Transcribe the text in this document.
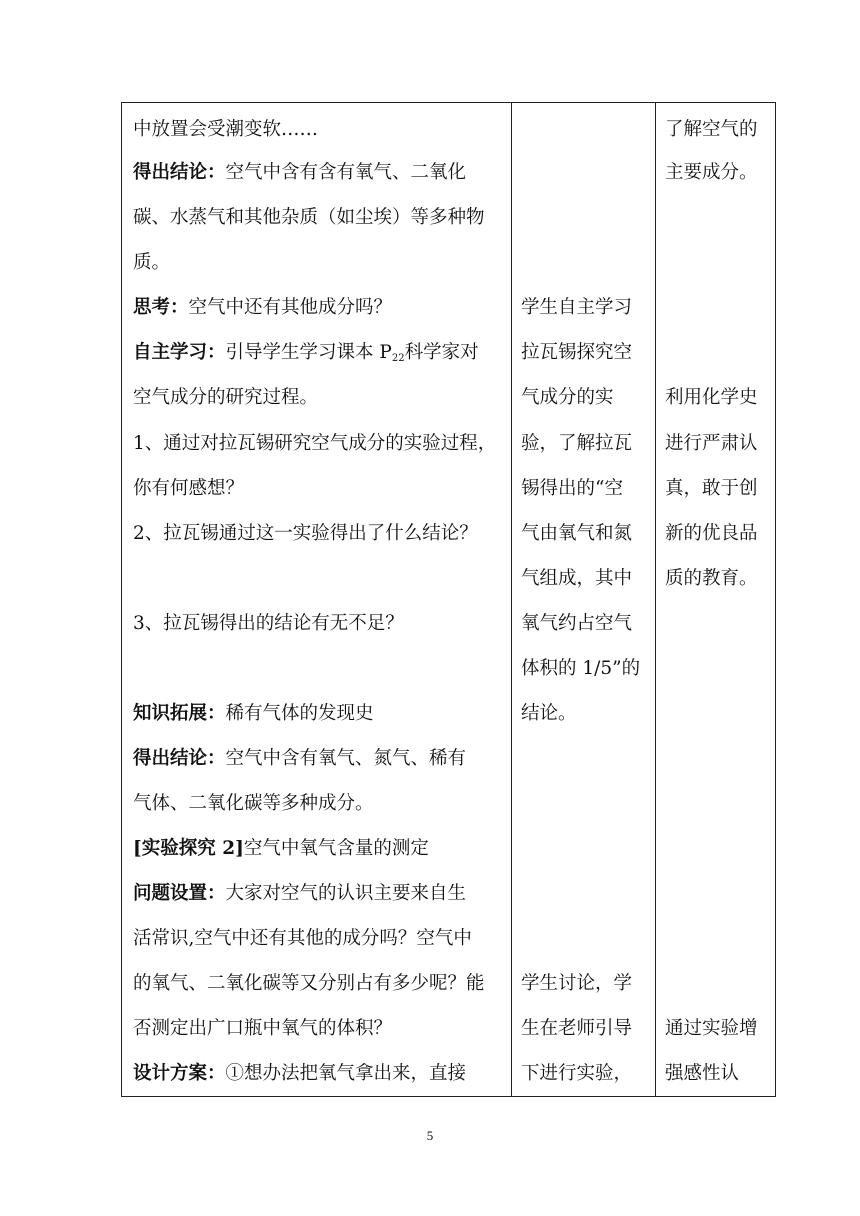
中放置会受潮变软……
得出结论：空气中含有含有氧气、二氧化
碳、水蒸气和其他杂质（如尘埃）等多种物
质。
思考：空气中还有其他成分吗？
自主学习：引导学生学习课本 $P_{22}$科学家对
空气成分的研究过程。
1、通过对拉瓦锡研究空气成分的实验过程，
你有何感想？
2、拉瓦锡通过这一实验得出了什么结论？
3、拉瓦锡得出的结论有无不足？
知识拓展：稀有气体的发现史
得出结论：空气中含有氧气、氮气、稀有
气体、二氧化碳等多种成分。
[实验探究 2]空气中氧气含量的测定
问题设置：大家对空气的认识主要来自生
活常识,空气中还有其他的成分吗？空气中
的氧气、二氧化碳等又分别占有多少呢？能
否测定出广口瓶中氧气的体积？
设计方案：①想办法把氧气拿出来，直接
学生自主学习
拉瓦锡探究空
气成分的实
验，了解拉瓦
锡得出的“空
气由氧气和氮
气组成，其中
氧气约占空气
体积的 1/5”的
结论。
学生讨论，学
生在老师引导
下进行实验，
了解空气的
主要成分。
利用化学史
进行严肃认
真，敢于创
新的优良品
质的教育。
通过实验增
强感性认
5
